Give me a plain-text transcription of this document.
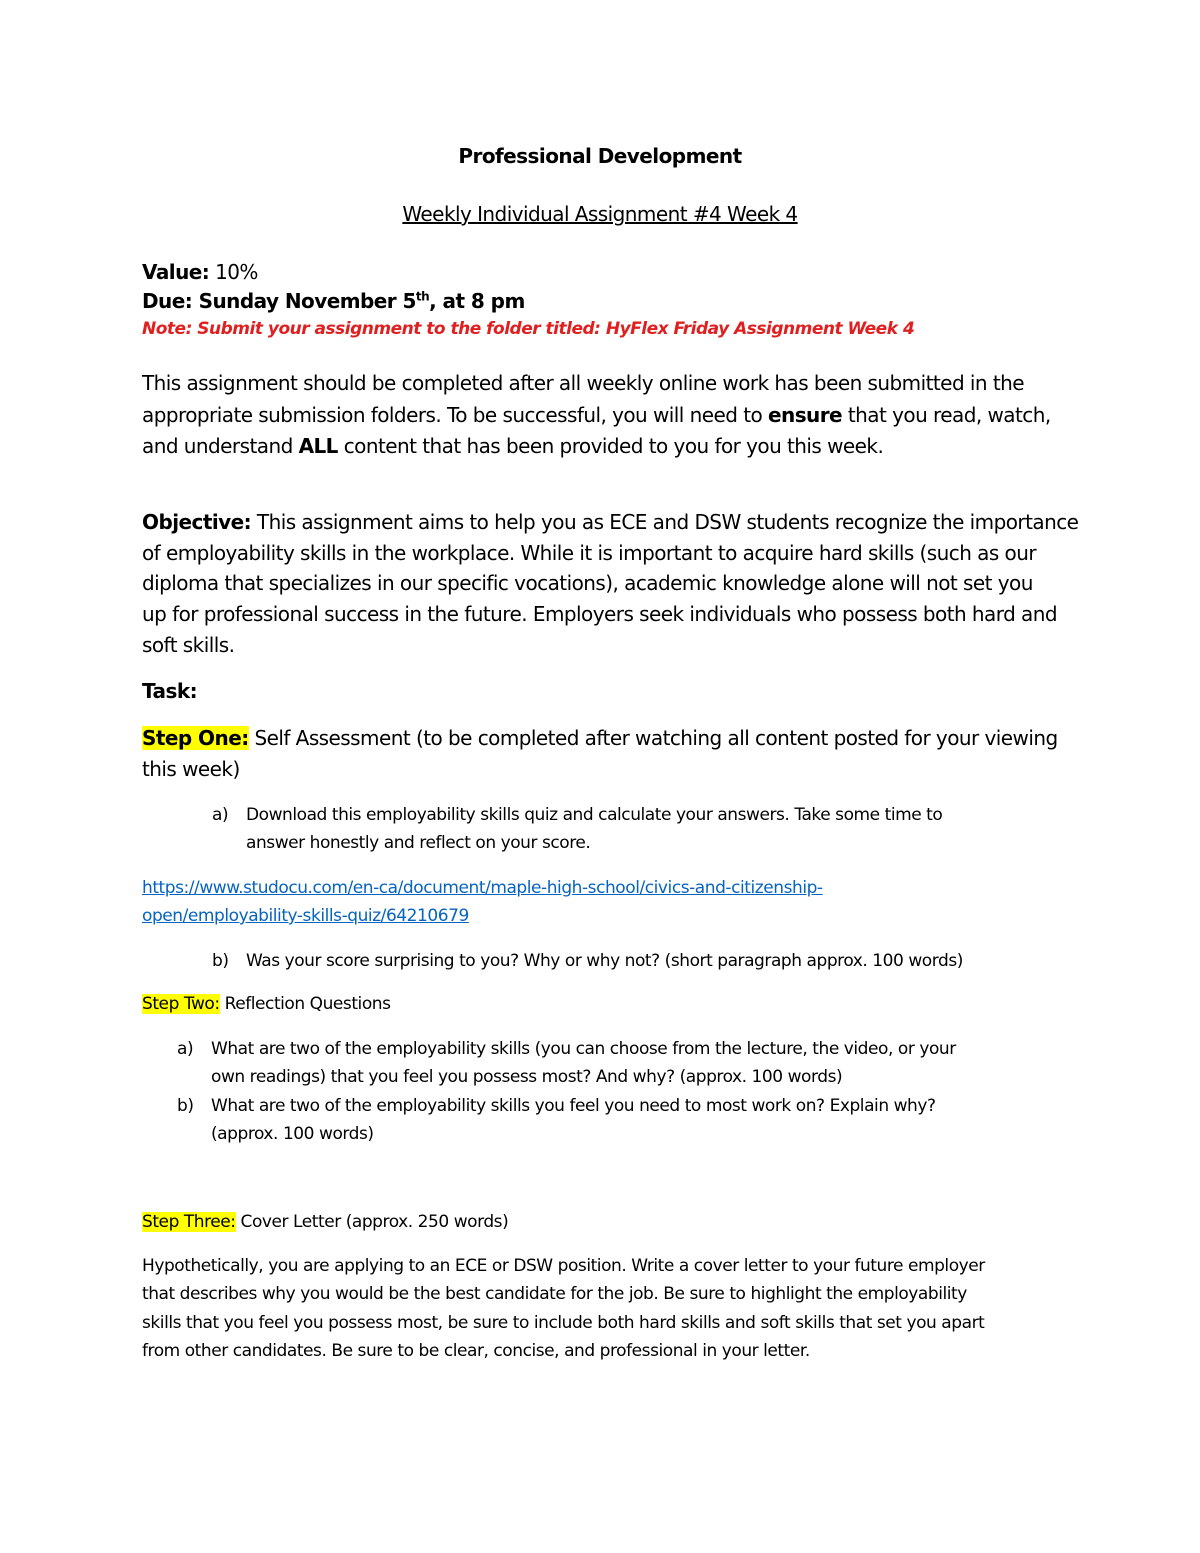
Professional Development
Weekly Individual Assignment #4 Week 4
Value: 10%
Due: Sunday November 5th, at 8 pm
Note: Submit your assignment to the folder titled: HyFlex Friday Assignment Week 4
This assignment should be completed after all weekly online work has been submitted in the
appropriate submission folders. To be successful, you will need to ensure that you read, watch,
and understand ALL content that has been provided to you for you this week.
Objective: This assignment aims to help you as ECE and DSW students recognize the importance
of employability skills in the workplace. While it is important to acquire hard skills (such as our
diploma that specializes in our specific vocations), academic knowledge alone will not set you
up for professional success in the future. Employers seek individuals who possess both hard and
soft skills.
Task:
Step One: Self Assessment (to be completed after watching all content posted for your viewing
this week)
a) Download this employability skills quiz and calculate your answers. Take some time to
answer honestly and reflect on your score.
https://www.studocu.com/en-ca/document/maple-high-school/civics-and-citizenship-
open/employability-skills-quiz/64210679
b) Was your score surprising to you? Why or why not? (short paragraph approx. 100 words)
Step Two: Reflection Questions
a) What are two of the employability skills (you can choose from the lecture, the video, or your
own readings) that you feel you possess most? And why? (approx. 100 words)
b) What are two of the employability skills you feel you need to most work on? Explain why?
(approx. 100 words)
Step Three: Cover Letter (approx. 250 words)
Hypothetically, you are applying to an ECE or DSW position. Write a cover letter to your future employer
that describes why you would be the best candidate for the job. Be sure to highlight the employability
skills that you feel you possess most, be sure to include both hard skills and soft skills that set you apart
from other candidates. Be sure to be clear, concise, and professional in your letter.
